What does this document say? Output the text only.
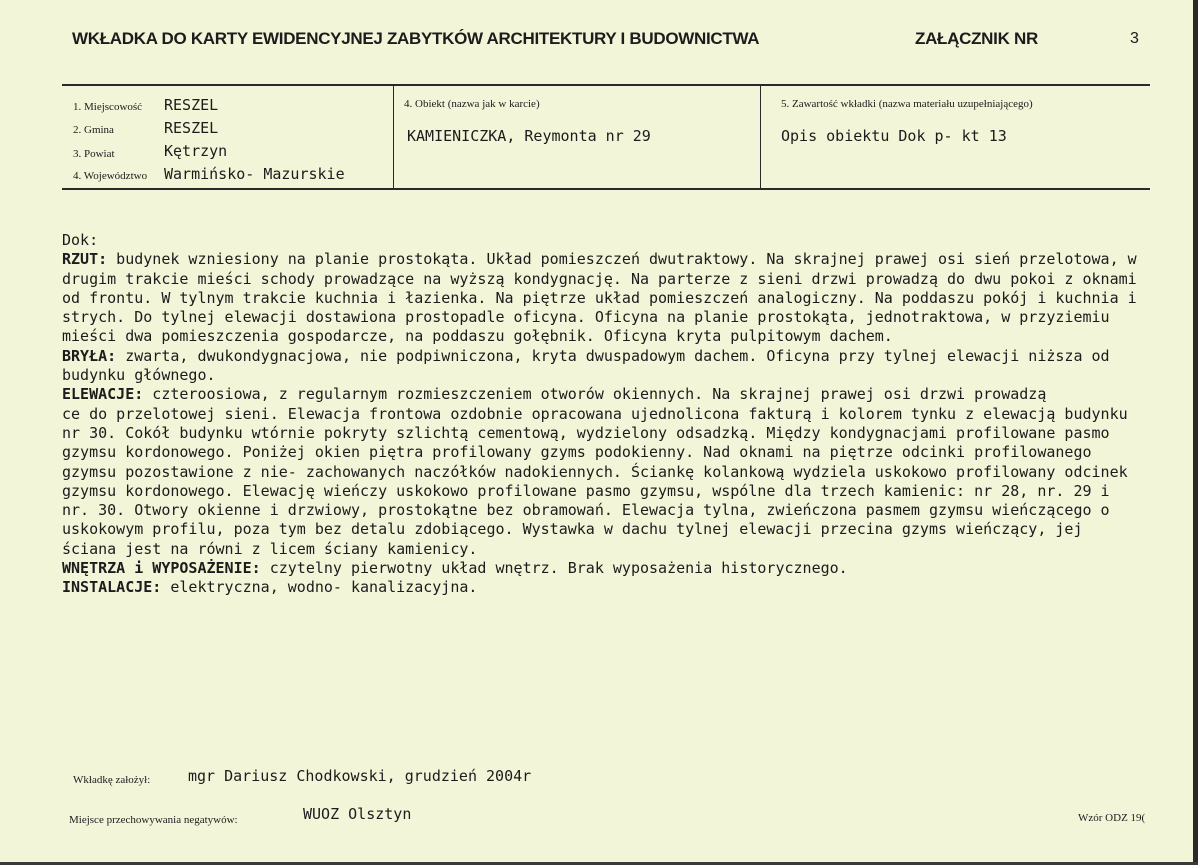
WKŁADKA DO KARTY EWIDENCYJNEJ ZABYTKÓW ARCHITEKTURY I BUDOWNICTWA	ZAŁĄCZNIK NR	3
1. Miejscowość RESZEL
2. Gmina	RESZEL
3. Powiat	Kętrzyn
4. Województwo Warmińsko- Mazurskie
4. Obiekt (nazwa jak w karcie)
KAMIENICZKA, Reymonta nr 29
5. Zawartość wkładki (nazwa materiału uzupełniającego)
Opis obiektu Dok p- kt 13

Dok:

RZUT: budynek wzniesiony na planie prostokąta. Układ pomieszczeń dwutraktowy. Na skrajnej prawej osi sień przelotowa, w drugim trakcie mieści schody prowadzące na wyższą kondygnację. Na parterze z sieni drzwi prowadzą do dwu pokoi z oknami od frontu. W tylnym trakcie kuchnia i łazienka. Na piętrze układ pomieszczeń analogiczny. Na poddaszu pokój i kuchnia i strych. Do tylnej elewacji dostawiona prostopadle oficyna. Oficyna na planie prostokąta, jednotraktowa, w przyziemiu mieści dwa pomieszczenia gospodarcze, na poddaszu gołębnik. Oficyna kryta pulpitowym dachem.

BRYŁA: zwarta, dwukondygnacjowa, nie podpiwniczona, kryta dwuspadowym dachem. Oficyna przy tylnej elewacji niższa od budynku głównego.

ELEWACJE: czteroosiowa, z regularnym rozmieszczeniem otworów okiennych. Na skrajnej prawej osi drzwi prowadzą

ce do przelotowej sieni. Elewacja frontowa ozdobnie opracowana ujednolicona fakturą i kolorem tynku z elewacją budynku nr 30. Cokół budynku wtórnie pokryty szlichtą cementową, wydzielony odsadzką. Między kondygnacjami profilowane pasmo gzymsu kordonowego. Poniżej okien piętra profilowany gzyms podokienny. Nad oknami na piętrze odcinki profilowanego gzymsu pozostawione z nie- zachowanych naczółków nadokiennych. Ściankę kolankową wydziela uskokowo profilowany odcinek gzymsu kordonowego. Elewację wieńczy uskokowo profilowane pasmo gzymsu, wspólne dla trzech kamienic: nr 28, nr. 29 i nr. 30. Otwory okienne i drzwiowy, prostokątne bez obramowań. Elewacja tylna, zwieńczona pasmem gzymsu wieńczącego o uskokowym profilu, poza tym bez detalu zdobiącego. Wystawka w dachu tylnej elewacji przecina gzyms wieńczący, jej ściana jest na równi z licem ściany kamienicy.

WNĘTRZA i WYPOSAŻENIE: czytelny pierwotny układ wnętrz. Brak wyposażenia historycznego.

INSTALACJE: elektryczna, wodno- kanalizacyjna.

Wkładkę założył:	mgr Dariusz Chodkowski, grudzień 2004r
Miejsce przechowywania negatywów:	WUOZ Olsztyn	Wzór ODZ 19(
